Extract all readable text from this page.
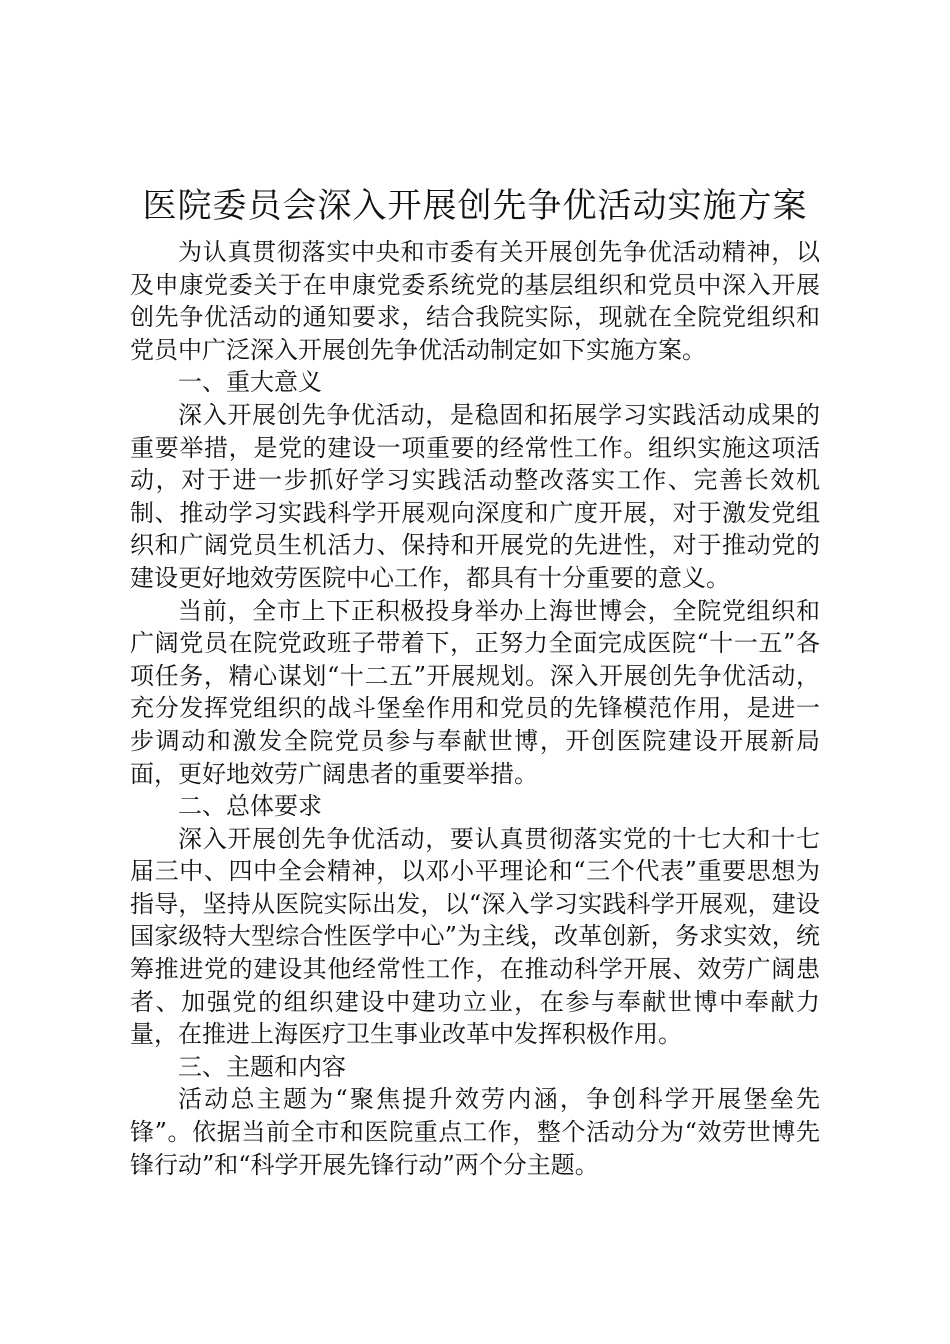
医院委员会深入开展创先争优活动实施方案

为认真贯彻落实中央和市委有关开展创先争优活动精神，以及申康党委关于在申康党委系统党的基层组织和党员中深入开展创先争优活动的通知要求，结合我院实际，现就在全院党组织和党员中广泛深入开展创先争优活动制定如下实施方案。

一、重大意义

深入开展创先争优活动，是稳固和拓展学习实践活动成果的重要举措，是党的建设一项重要的经常性工作。组织实施这项活动，对于进一步抓好学习实践活动整改落实工作、完善长效机制、推动学习实践科学开展观向深度和广度开展，对于激发党组织和广阔党员生机活力、保持和开展党的先进性，对于推动党的建设更好地效劳医院中心工作，都具有十分重要的意义。

当前，全市上下正积极投身举办上海世博会，全院党组织和广阔党员在院党政班子带着下，正努力全面完成医院“十一五”各项任务，精心谋划“十二五”开展规划。深入开展创先争优活动，充分发挥党组织的战斗堡垒作用和党员的先锋模范作用，是进一步调动和激发全院党员参与奉献世博，开创医院建设开展新局面，更好地效劳广阔患者的重要举措。

二、总体要求

深入开展创先争优活动，要认真贯彻落实党的十七大和十七届三中、四中全会精神，以邓小平理论和“三个代表”重要思想为指导，坚持从医院实际出发，以“深入学习实践科学开展观，建设国家级特大型综合性医学中心”为主线，改革创新，务求实效，统筹推进党的建设其他经常性工作，在推动科学开展、效劳广阔患者、加强党的组织建设中建功立业，在参与奉献世博中奉献力量，在推进上海医疗卫生事业改革中发挥积极作用。

三、主题和内容

活动总主题为“聚焦提升效劳内涵，争创科学开展堡垒先锋”。依据当前全市和医院重点工作，整个活动分为“效劳世博先锋行动”和“科学开展先锋行动”两个分主题。
